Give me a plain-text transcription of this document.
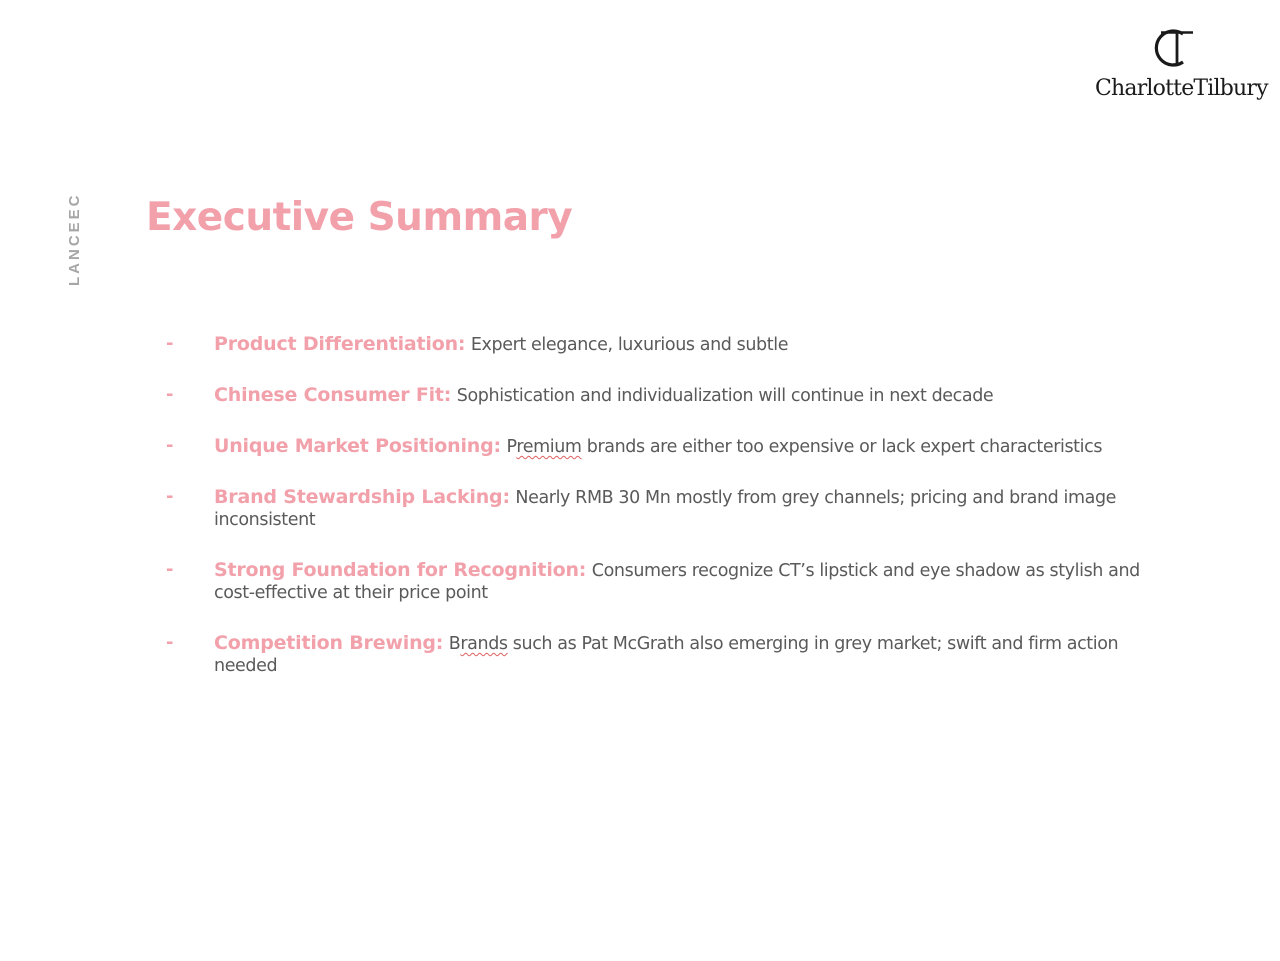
LANCEEC
CharlotteTilbury
Executive Summary
- Product Differentiation: Expert elegance, luxurious and subtle
- Chinese Consumer Fit: Sophistication and individualization will continue in next decade
- Unique Market Positioning: Premium brands are either too expensive or lack expert characteristics
- Brand Stewardship Lacking: Nearly RMB 30 Mn mostly from grey channels; pricing and brand image inconsistent
- Strong Foundation for Recognition: Consumers recognize CT’s lipstick and eye shadow as stylish and cost-effective at their price point
- Competition Brewing: Brands such as Pat McGrath also emerging in grey market; swift and firm action needed
